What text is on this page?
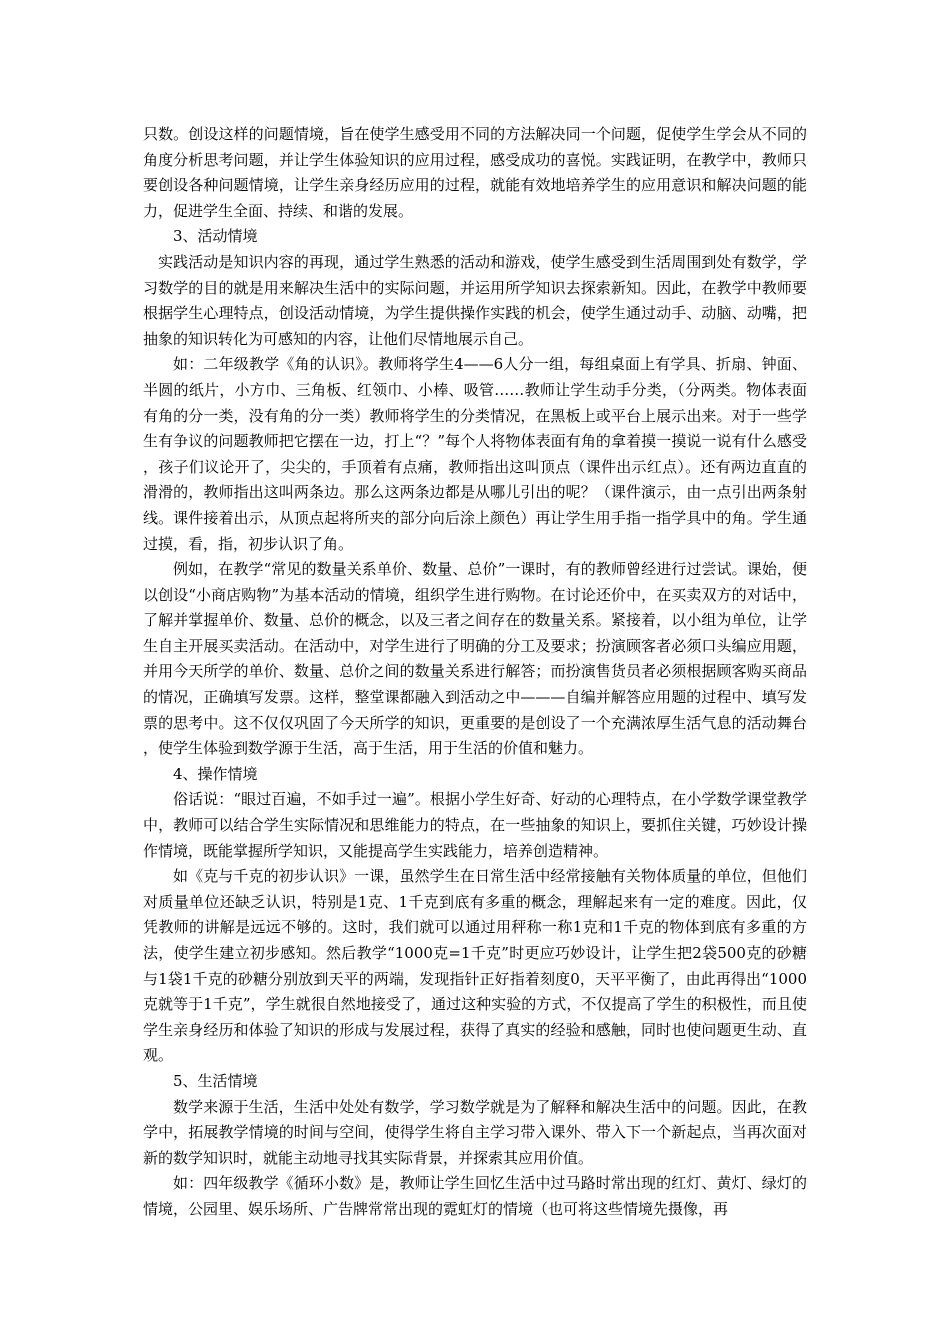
只数。创设这样的问题情境，旨在使学生感受用不同的方法解决同一个问题，促使学生学会从不同的角度分析思考问题，并让学生体验知识的应用过程，感受成功的喜悦。实践证明，在教学中，教师只要创设各种问题情境，让学生亲身经历应用的过程，就能有效地培养学生的应用意识和解决问题的能力，促进学生全面、持续、和谐的发展。

3、活动情境

实践活动是知识内容的再现，通过学生熟悉的活动和游戏，使学生感受到生活周围到处有数学，学习数学的目的就是用来解决生活中的实际问题，并运用所学知识去探索新知。因此，在教学中教师要根据学生心理特点，创设活动情境，为学生提供操作实践的机会，使学生通过动手、动脑、动嘴，把抽象的知识转化为可感知的内容，让他们尽情地展示自己。

如：二年级教学《角的认识》。教师将学生4——6人分一组，每组桌面上有学具、折扇、钟面、半圆的纸片，小方巾、三角板、红领巾、小棒、吸管……教师让学生动手分类，（分两类。物体表面有角的分一类，没有角的分一类）教师将学生的分类情况，在黑板上或平台上展示出来。对于一些学生有争议的问题教师把它摆在一边，打上“？”每个人将物体表面有角的拿着摸一摸说一说有什么感受，孩子们议论开了，尖尖的，手顶着有点痛，教师指出这叫顶点（课件出示红点）。还有两边直直的滑滑的，教师指出这叫两条边。那么这两条边都是从哪儿引出的呢？（课件演示，由一点引出两条射线。课件接着出示，从顶点起将所夹的部分向后涂上颜色）再让学生用手指一指学具中的角。学生通过摸，看，指，初步认识了角。

例如，在教学“常见的数量关系单价、数量、总价”一课时，有的教师曾经进行过尝试。课始，便以创设“小商店购物”为基本活动的情境，组织学生进行购物。在讨论还价中，在买卖双方的对话中，了解并掌握单价、数量、总价的概念，以及三者之间存在的数量关系。紧接着，以小组为单位，让学生自主开展买卖活动。在活动中，对学生进行了明确的分工及要求；扮演顾客者必须口头编应用题，并用今天所学的单价、数量、总价之间的数量关系进行解答；而扮演售货员者必须根据顾客购买商品的情况，正确填写发票。这样，整堂课都融入到活动之中———自编并解答应用题的过程中、填写发票的思考中。这不仅仅巩固了今天所学的知识，更重要的是创设了一个充满浓厚生活气息的活动舞台，使学生体验到数学源于生活，高于生活，用于生活的价值和魅力。

4、操作情境

俗话说：“眼过百遍，不如手过一遍”。根据小学生好奇、好动的心理特点，在小学数学课堂教学中，教师可以结合学生实际情况和思维能力的特点，在一些抽象的知识上，要抓住关键，巧妙设计操作情境，既能掌握所学知识，又能提高学生实践能力，培养创造精神。

如《克与千克的初步认识》一课，虽然学生在日常生活中经常接触有关物体质量的单位，但他们对质量单位还缺乏认识，特别是1克、1千克到底有多重的概念，理解起来有一定的难度。因此，仅凭教师的讲解是远远不够的。这时，我们就可以通过用秤称一称1克和1千克的物体到底有多重的方法，使学生建立初步感知。然后教学“1000克=1千克”时更应巧妙设计，让学生把2袋500克的砂糖与1袋1千克的砂糖分别放到天平的两端，发现指针正好指着刻度0，天平平衡了，由此再得出“1000克就等于1千克”，学生就很自然地接受了，通过这种实验的方式，不仅提高了学生的积极性，而且使学生亲身经历和体验了知识的形成与发展过程，获得了真实的经验和感触，同时也使问题更生动、直观。

5、生活情境

数学来源于生活，生活中处处有数学，学习数学就是为了解释和解决生活中的问题。因此，在教学中，拓展教学情境的时间与空间，使得学生将自主学习带入课外、带入下一个新起点，当再次面对新的数学知识时，就能主动地寻找其实际背景，并探索其应用价值。

如：四年级教学《循环小数》是，教师让学生回忆生活中过马路时常出现的红灯、黄灯、绿灯的情境，公园里、娱乐场所、广告牌常常出现的霓虹灯的情境（也可将这些情境先摄像，再
